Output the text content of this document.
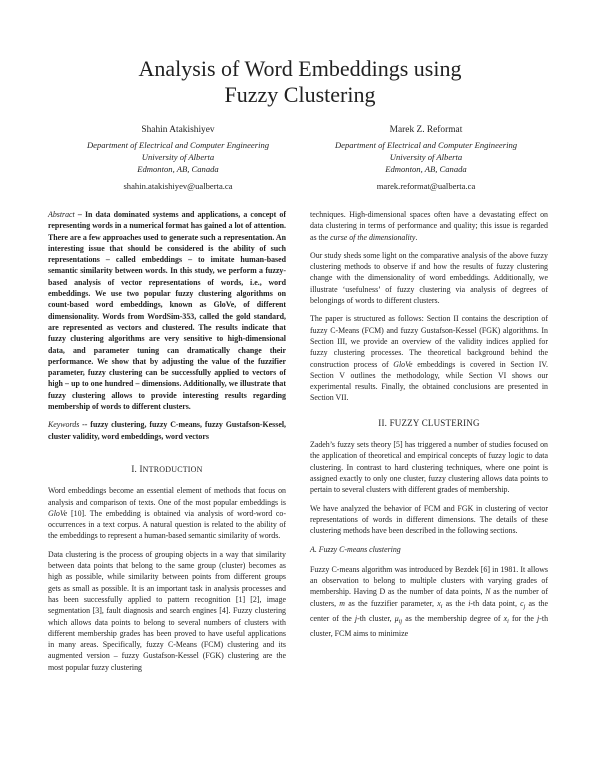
Analysis of Word Embeddings using
Fuzzy Clustering
Shahin Atakishiyev
Department of Electrical and Computer Engineering
University of Alberta
Edmonton, AB, Canada
shahin.atakishiyev@ualberta.ca
Marek Z. Reformat
Department of Electrical and Computer Engineering
University of Alberta
Edmonton, AB, Canada
marek.reformat@ualberta.ca

Abstract – In data dominated systems and applications, a concept of representing words in a numerical format has gained a lot of attention. There are a few approaches used to generate such a representation. An interesting issue that should be considered is the ability of such representations – called embeddings – to imitate human-based semantic similarity between words. In this study, we perform a fuzzy-based analysis of vector representations of words, i.e., word embeddings. We use two popular fuzzy clustering algorithms on count-based word embeddings, known as GloVe, of different dimensionality. Words from WordSim-353, called the gold standard, are represented as vectors and clustered. The results indicate that fuzzy clustering algorithms are very sensitive to high-dimensional data, and parameter tuning can dramatically change their performance. We show that by adjusting the value of the fuzzifier parameter, fuzzy clustering can be successfully applied to vectors of high – up to one hundred – dimensions. Additionally, we illustrate that fuzzy clustering allows to provide interesting results regarding membership of words to different clusters.

Keywords -- fuzzy clustering, fuzzy C-means, fuzzy Gustafson-Kessel, cluster validity, word embeddings, word vectors

I. INTRODUCTION

Word embeddings become an essential element of methods that focus on analysis and comparison of texts. One of the most popular embeddings is GloVe [10]. The embedding is obtained via analysis of word-word co-occurrences in a text corpus. A natural question is related to the ability of the embeddings to represent a human-based semantic similarity of words.

Data clustering is the process of grouping objects in a way that similarity between data points that belong to the same group (cluster) becomes as high as possible, while similarity between points from different groups gets as small as possible. It is an important task in analysis processes and has been successfully applied to pattern recognition [1] [2], image segmentation [3], fault diagnosis and search engines [4]. Fuzzy clustering which allows data points to belong to several numbers of clusters with different membership grades has been proved to have useful applications in many areas. Specifically, fuzzy C-Means (FCM) clustering and its augmented version – fuzzy Gustafson-Kessel (FGK) clustering are the most popular fuzzy clustering

techniques. High-dimensional spaces often have a devastating effect on data clustering in terms of performance and quality; this issue is regarded as the curse of the dimensionality.

Our study sheds some light on the comparative analysis of the above fuzzy clustering methods to observe if and how the results of fuzzy clustering change with the dimensionality of word embeddings. Additionally, we illustrate ‘usefulness’ of fuzzy clustering via analysis of degrees of belongings of words to different clusters.

The paper is structured as follows: Section II contains the description of fuzzy C-Means (FCM) and fuzzy Gustafson-Kessel (FGK) algorithms. In Section III, we provide an overview of the validity indices applied for fuzzy clustering processes. The theoretical background behind the construction process of GloVe embeddings is covered in Section IV. Section V outlines the methodology, while Section VI shows our experimental results. Finally, the obtained conclusions are presented in Section VII.

II. FUZZY CLUSTERING

Zadeh’s fuzzy sets theory [5] has triggered a number of studies focused on the application of theoretical and empirical concepts of fuzzy logic to data clustering. In contrast to hard clustering techniques, where one point is assigned exactly to only one cluster, fuzzy clustering allows data points to pertain to several clusters with different grades of membership.

We have analyzed the behavior of FCM and FGK in clustering of vector representations of words in different dimensions. The details of these clustering methods have been described in the following sections.

A. Fuzzy C-means clustering

Fuzzy C-means algorithm was introduced by Bezdek [6] in 1981. It allows an observation to belong to multiple clusters with varying grades of membership. Having D as the number of data points, N as the number of clusters, m as the fuzzifier parameter, $x_i$ as the i-th data point, $c_j$ as the center of the j-th cluster, $\mu_{ij}$ as the membership degree of $x_i$ for the j-th cluster, FCM aims to minimize
